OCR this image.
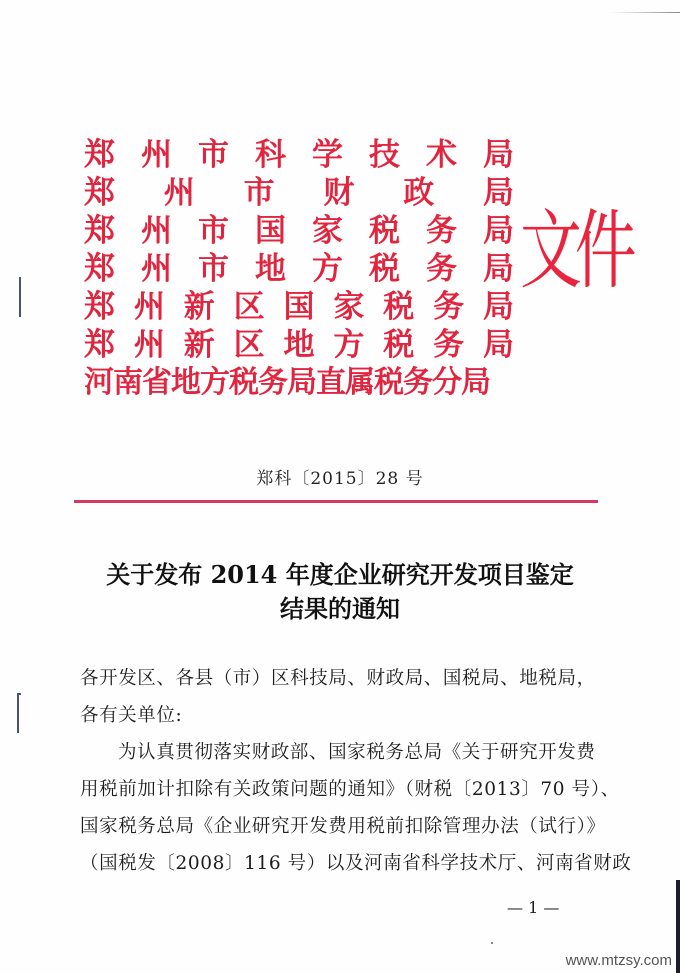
郑 州 市 科 学 技 术 局
郑 州 市 财 政 局
郑 州 市 国 家 税 务 局
郑 州 市 地 方 税 务 局
郑 州 新 区 国 家 税 务 局
郑 州 新 区 地 方 税 务 局
河南省地方税务局直属税务分局
文件
郑科〔2015〕28 号
关于发布 2014 年度企业研究开发项目鉴定
结果的通知
各开发区、各县（市）区科技局、财政局、国税局、地税局，
各有关单位:
为认真贯彻落实财政部、国家税务总局《关于研究开发费
用税前加计扣除有关政策问题的通知》（财税〔2013〕70 号）、
国家税务总局《企业研究开发费用税前扣除管理办法（试行）》
（国税发〔2008〕116 号）以及河南省科学技术厅、河南省财政
— 1 —
www.mtzsy.com
